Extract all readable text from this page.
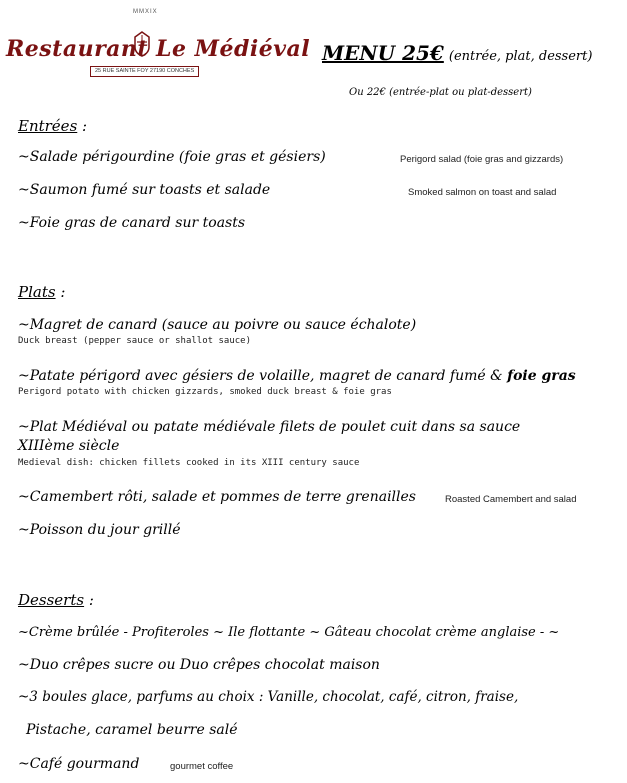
MMXIX
Restaurant Le Médiéval
25 RUE SAINTE FOY 27190 CONCHES
MENU 25€ (entrée, plat, dessert)
Ou 22€ (entrée-plat ou plat-dessert)
Entrées :
~Salade périgourdine (foie gras et gésiers)	Perigord salad (foie gras and gizzards)
~Saumon fumé sur toasts et salade	Smoked salmon on toast and salad
~Foie gras de canard sur toasts
Plats :
~Magret de canard (sauce au poivre ou sauce échalote)
Duck breast (pepper sauce or shallot sauce)
~Patate périgord avec gésiers de volaille, magret de canard fumé & foie gras
Perigord potato with chicken gizzards, smoked duck breast & foie gras
~Plat Médiéval ou patate médiévale filets de poulet cuit dans sa sauce
XIIIème siècle
Medieval dish: chicken fillets cooked in its XIII century sauce
~Camembert rôti, salade et pommes de terre grenailles	Roasted Camembert and salad
~Poisson du jour grillé
Desserts :
~Crème brûlée - Profiteroles ~ Ile flottante ~ Gâteau chocolat crème anglaise - ~
~Duo crêpes sucre ou Duo crêpes chocolat maison
~3 boules glace, parfums au choix : Vanille, chocolat, café, citron, fraise,
Pistache, caramel beurre salé
~Café gourmand	gourmet coffee
